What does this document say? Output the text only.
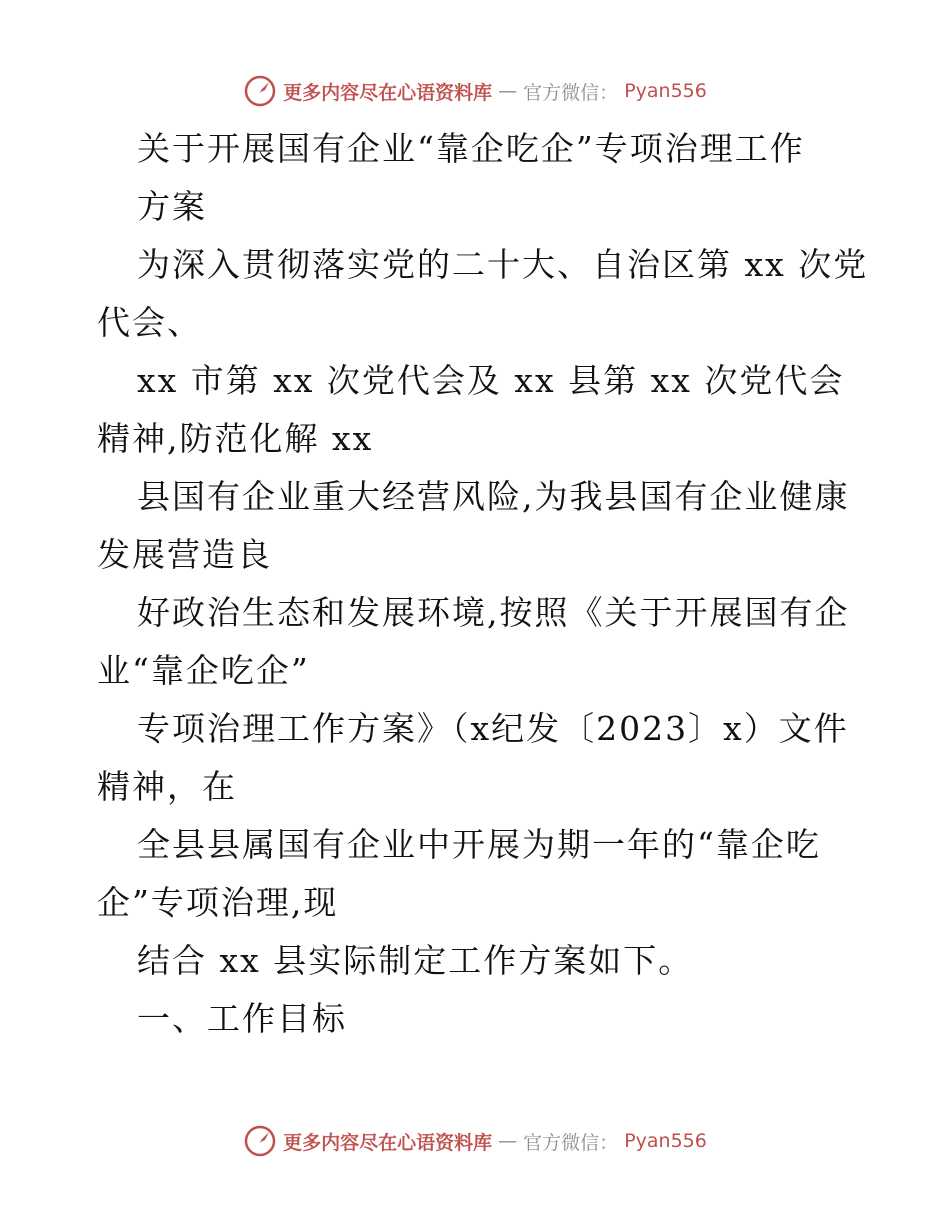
更多内容尽在心语资料库 — 官方微信： Pyan556
关于开展国有企业“靠企吃企”专项治理工作
方案
为深入贯彻落实党的二十大、自治区第 xx 次党
代会、
xx 市第 xx 次党代会及 xx 县第 xx 次党代会
精神,防范化解 xx
县国有企业重大经营风险,为我县国有企业健康
发展营造良
好政治生态和发展环境,按照《关于开展国有企
业“靠企吃企”
专项治理工作方案》（x纪发〔2023〕x）文件
精神，在
全县县属国有企业中开展为期一年的“靠企吃
企”专项治理,现
结合 xx 县实际制定工作方案如下。
一、工作目标
更多内容尽在心语资料库 — 官方微信： Pyan556
